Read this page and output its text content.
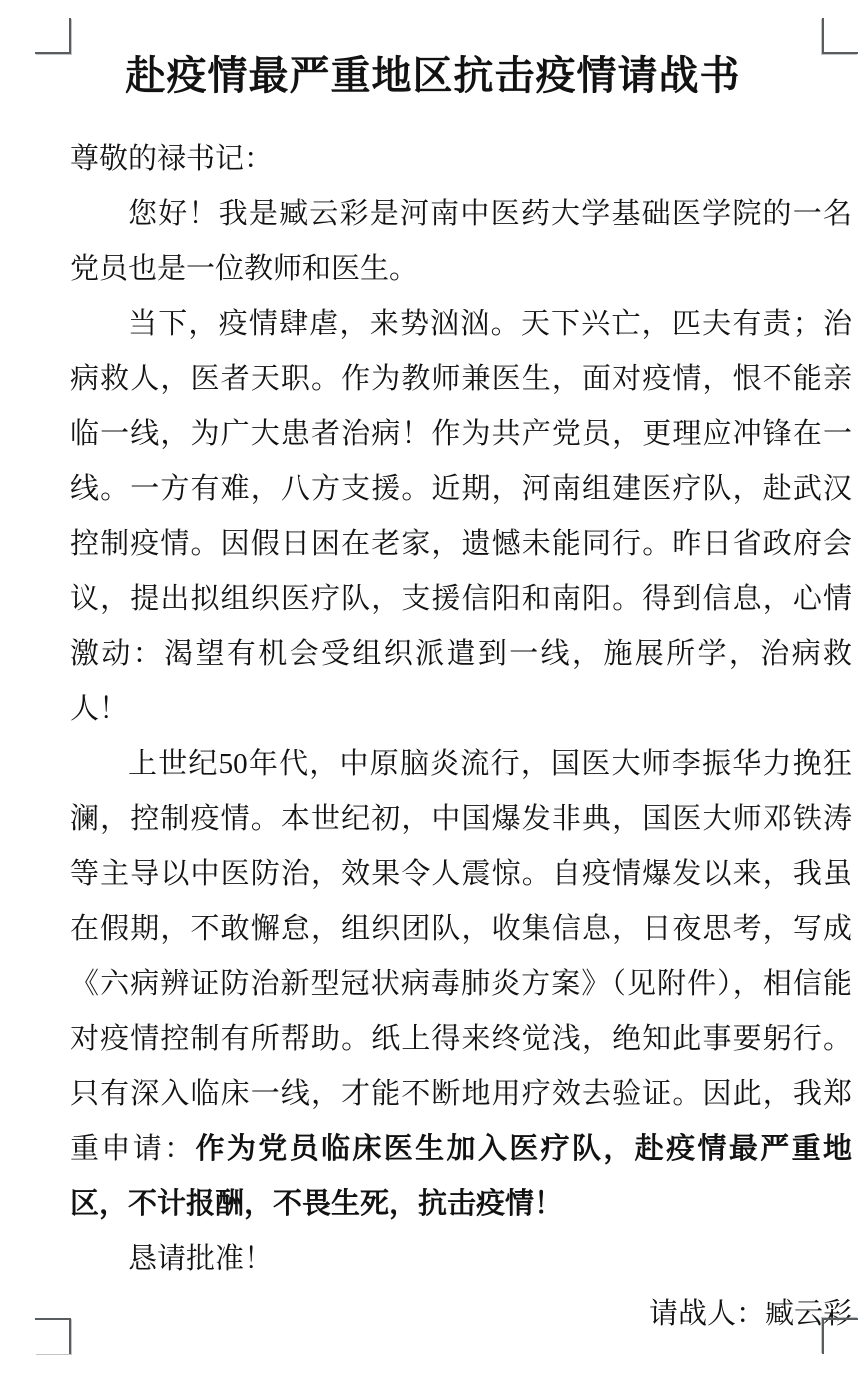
赴疫情最严重地区抗击疫情请战书

尊敬的禄书记：

您好！我是臧云彩是河南中医药大学基础医学院的一名党员也是一位教师和医生。

当下，疫情肆虐，来势汹汹。天下兴亡，匹夫有责；治病救人，医者天职。作为教师兼医生，面对疫情，恨不能亲临一线，为广大患者治病！作为共产党员，更理应冲锋在一线。一方有难，八方支援。近期，河南组建医疗队，赴武汉控制疫情。因假日困在老家，遗憾未能同行。昨日省政府会议，提出拟组织医疗队，支援信阳和南阳。得到信息，心情激动：渴望有机会受组织派遣到一线，施展所学，治病救人！

上世纪50年代，中原脑炎流行，国医大师李振华力挽狂澜，控制疫情。本世纪初，中国爆发非典，国医大师邓铁涛等主导以中医防治，效果令人震惊。自疫情爆发以来，我虽在假期，不敢懈怠，组织团队，收集信息，日夜思考，写成《六病辨证防治新型冠状病毒肺炎方案》（见附件），相信能对疫情控制有所帮助。纸上得来终觉浅，绝知此事要躬行。只有深入临床一线，才能不断地用疗效去验证。因此，我郑重申请：作为党员临床医生加入医疗队，赴疫情最严重地区，不计报酬，不畏生死，抗击疫情！

恳请批准！

请战人：臧云彩
